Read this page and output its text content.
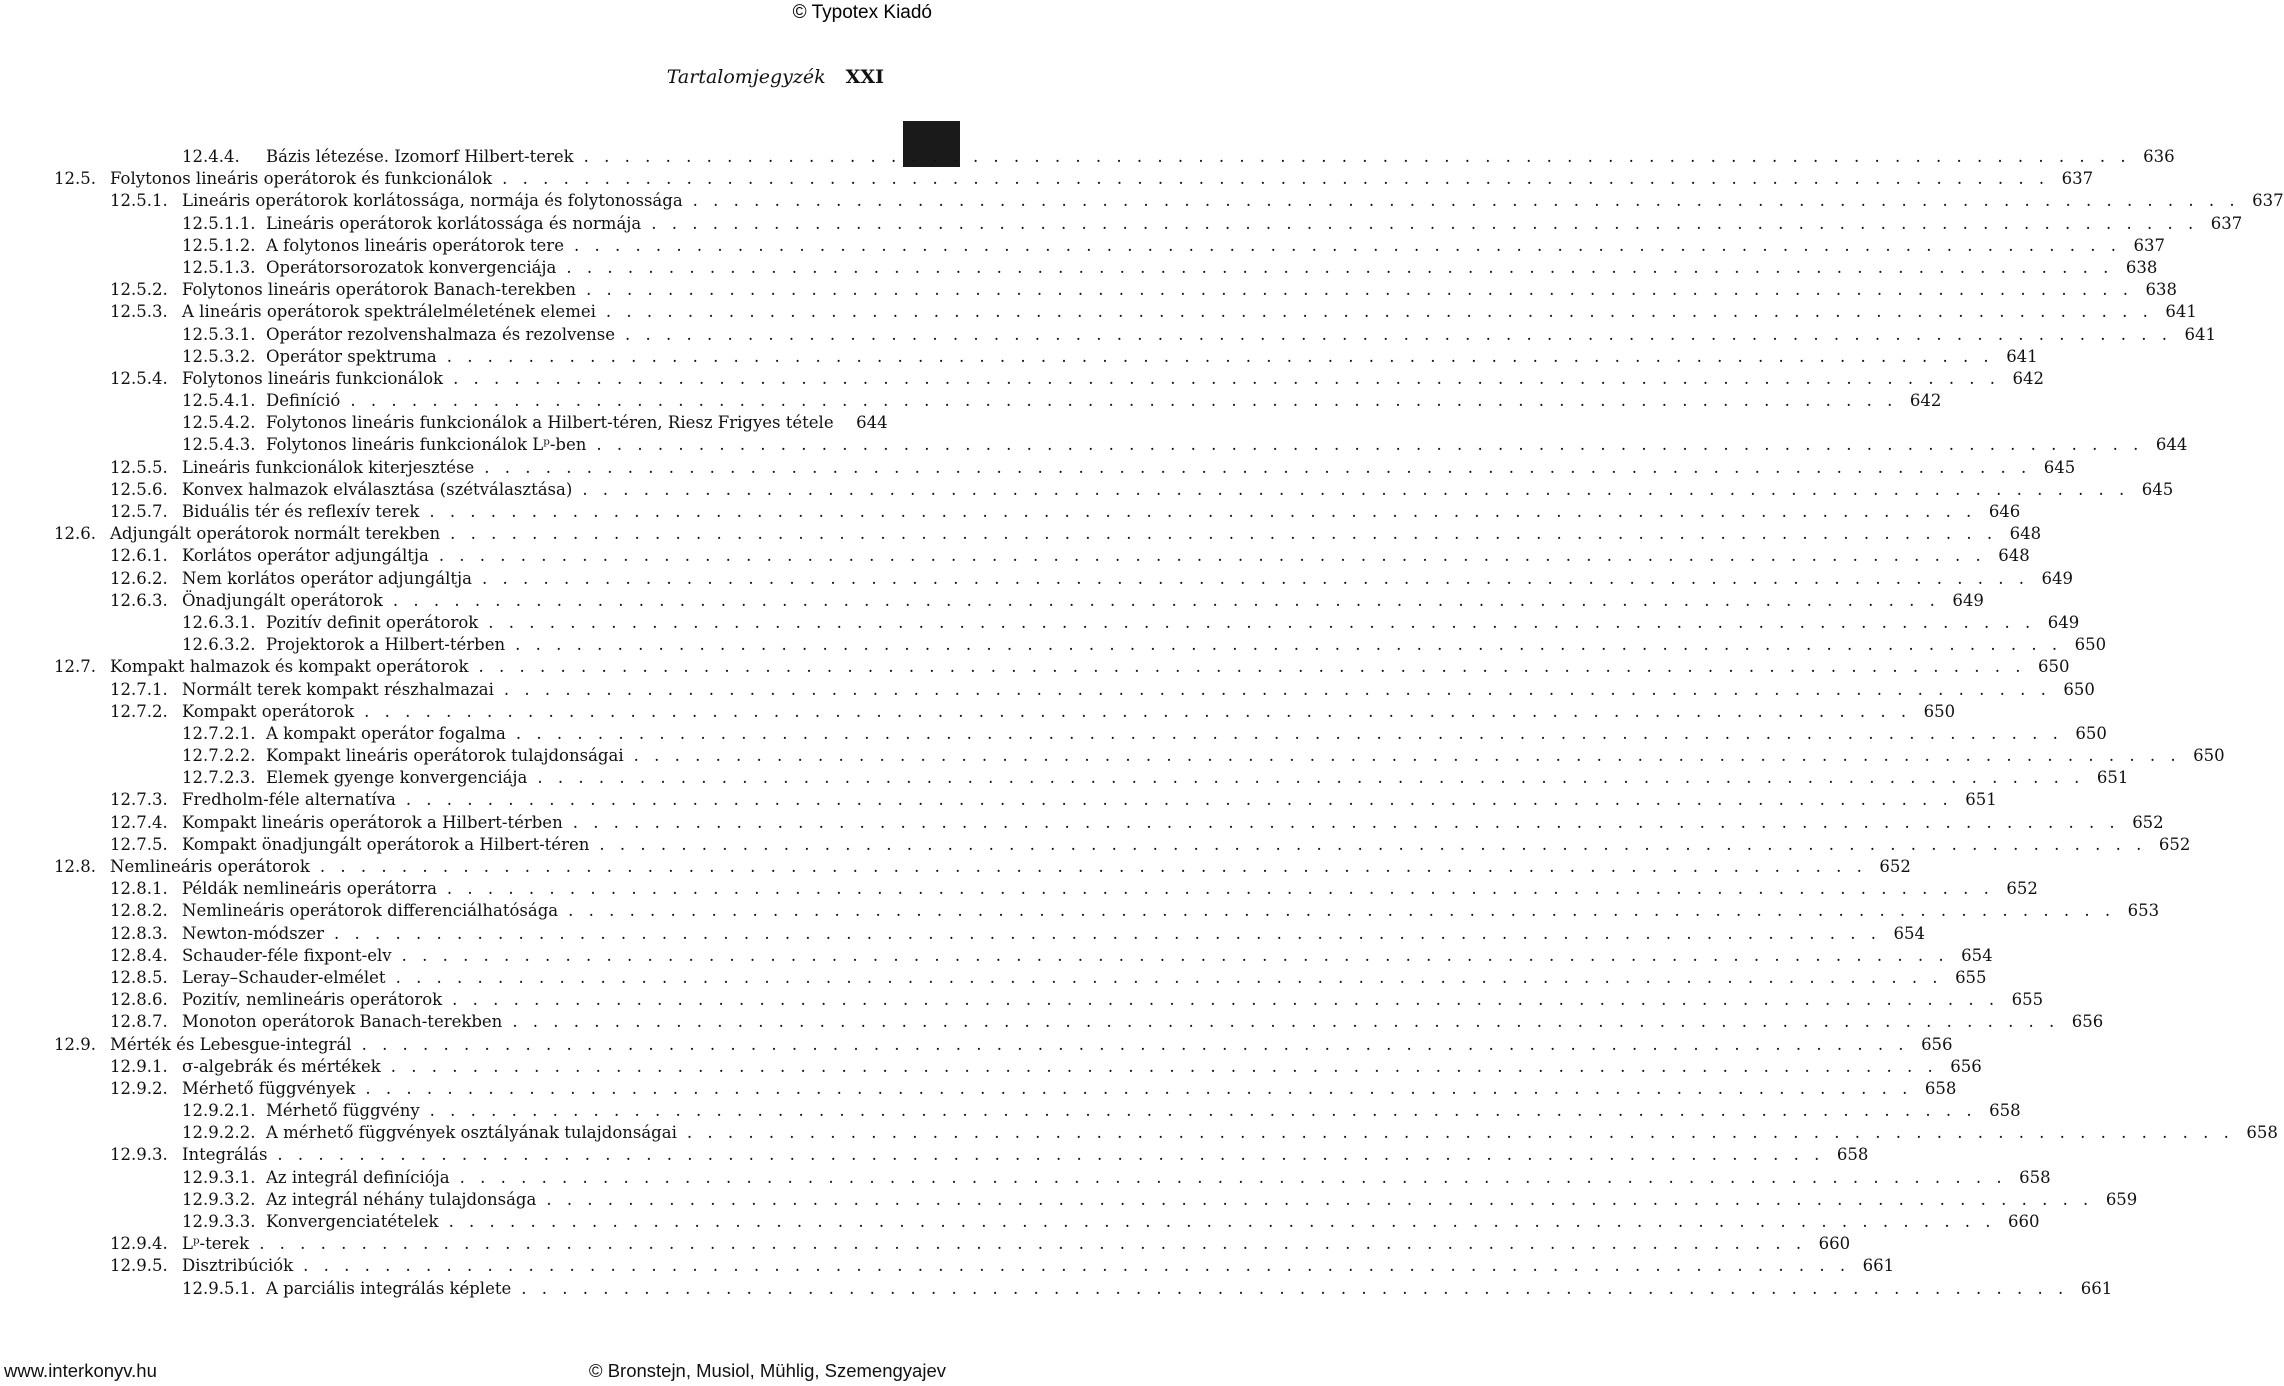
© Typotex Kiadó
Tartalomjegyzék XXI
12.4.4.	Bázis létezése. Izomorf Hilbert-terek . . .	636
12.5. Folytonos lineáris operátorok és funkcionálok . . .	637
12.5.1. Lineáris operátorok korlátossága, normája és folytonossága . . .	637
12.5.1.1. Lineáris operátorok korlátossága és normája . . .	637
12.5.1.2. A folytonos lineáris operátorok tere . . .	637
12.5.1.3. Operátorsorozatok konvergenciája . . .	638
12.5.2. Folytonos lineáris operátorok Banach-terekben . . .	638
12.5.3. A lineáris operátorok spektrálelméletének elemei . . .	641
12.5.3.1. Operátor rezolvenshalmaza és rezolvense . . .	641
12.5.3.2. Operátor spektruma . . .	641
12.5.4. Folytonos lineáris funkcionálok . . .	642
12.5.4.1. Definíció . . .	642
12.5.4.2. Folytonos lineáris funkcionálok a Hilbert-téren, Riesz Frigyes tétele 644
12.5.4.3. Folytonos lineáris funkcionálok Lᵖ-ben . . .	644
12.5.5. Lineáris funkcionálok kiterjesztése . . .	645
12.5.6. Konvex halmazok elválasztása (szétválasztása) . . .	645
12.5.7. Biduális tér és reflexív terek . . .	646
12.6. Adjungált operátorok normált terekben . . .	648
12.6.1. Korlátos operátor adjungáltja . . .	648
12.6.2. Nem korlátos operátor adjungáltja . . .	649
12.6.3. Önadjungált operátorok . . .	649
12.6.3.1. Pozitív definit operátorok . . .	649
12.6.3.2. Projektorok a Hilbert-térben . . .	650
12.7. Kompakt halmazok és kompakt operátorok . . .	650
12.7.1. Normált terek kompakt részhalmazai . . .	650
12.7.2. Kompakt operátorok . . .	650
12.7.2.1. A kompakt operátor fogalma . . .	650
12.7.2.2. Kompakt lineáris operátorok tulajdonságai . . .	650
12.7.2.3. Elemek gyenge konvergenciája . . .	651
12.7.3. Fredholm-féle alternatíva . . .	651
12.7.4. Kompakt lineáris operátorok a Hilbert-térben . . .	652
12.7.5. Kompakt önadjungált operátorok a Hilbert-téren . . .	652
12.8. Nemlineáris operátorok . . .	652
12.8.1. Példák nemlineáris operátorra . . .	652
12.8.2. Nemlineáris operátorok differenciálhatósága . . .	653
12.8.3. Newton-módszer . . .	654
12.8.4. Schauder-féle fixpont-elv . . .	654
12.8.5. Leray–Schauder-elmélet . . .	655
12.8.6. Pozitív, nemlineáris operátorok . . .	655
12.8.7. Monoton operátorok Banach-terekben . . .	656
12.9. Mérték és Lebesgue-integrál . . .	656
12.9.1. σ-algebrák és mértékek . . .	656
12.9.2. Mérhető függvények . . .	658
12.9.2.1. Mérhető függvény . . .	658
12.9.2.2. A mérhető függvények osztályának tulajdonságai . . .	658
12.9.3. Integrálás . . .	658
12.9.3.1. Az integrál definíciója . . .	658
12.9.3.2. Az integrál néhány tulajdonsága . . .	659
12.9.3.3. Konvergenciatételek . . .	660
12.9.4. Lᵖ-terek . . .	660
12.9.5. Disztribúciók . . .	661
12.9.5.1. A parciális integrálás képlete . . .	661
www.interkonyv.hu	© Bronstejn, Musiol, Mühlig, Szemengyajev
